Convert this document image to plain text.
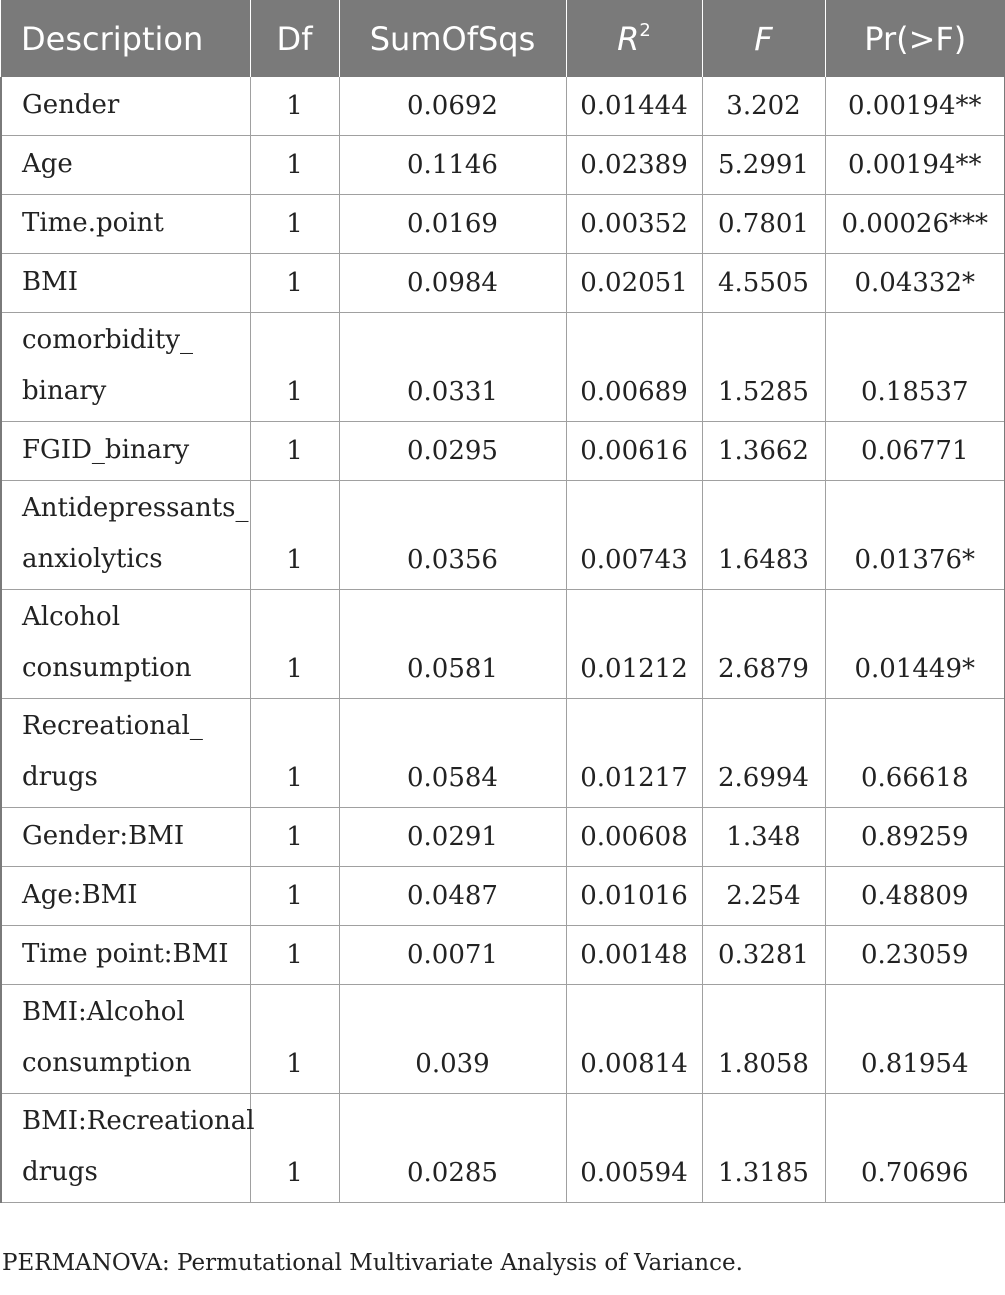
Description	Df	SumOfSqs	$R^2$	F	Pr(>F)

Gender	1	0.0692	0.01444	3.202	0.00194**

Age	1	0.1146	0.02389	5.2991	0.00194**

Time.point	1	0.0169	0.00352	0.7801	0.00026***

BMI	1	0.0984	0.02051	4.5505	0.04332*

comorbidity_
binary	1	0.0331	0.00689	1.5285	0.18537

FGID_binary	1	0.0295	0.00616	1.3662	0.06771

Antidepressants_
anxiolytics	1	0.0356	0.00743	1.6483	0.01376*

Alcohol
consumption	1	0.0581	0.01212	2.6879	0.01449*

Recreational_
drugs	1	0.0584	0.01217	2.6994	0.66618

Gender:BMI	1	0.0291	0.00608	1.348	0.89259

Age:BMI	1	0.0487	0.01016	2.254	0.48809

Time point:BMI	1	0.0071	0.00148	0.3281	0.23059

BMI:Alcohol
consumption	1	0.039	0.00814	1.8058	0.81954

BMI:Recreational
drugs	1	0.0285	0.00594	1.3185	0.70696
PERMANOVA: Permutational Multivariate Analysis of Variance.
